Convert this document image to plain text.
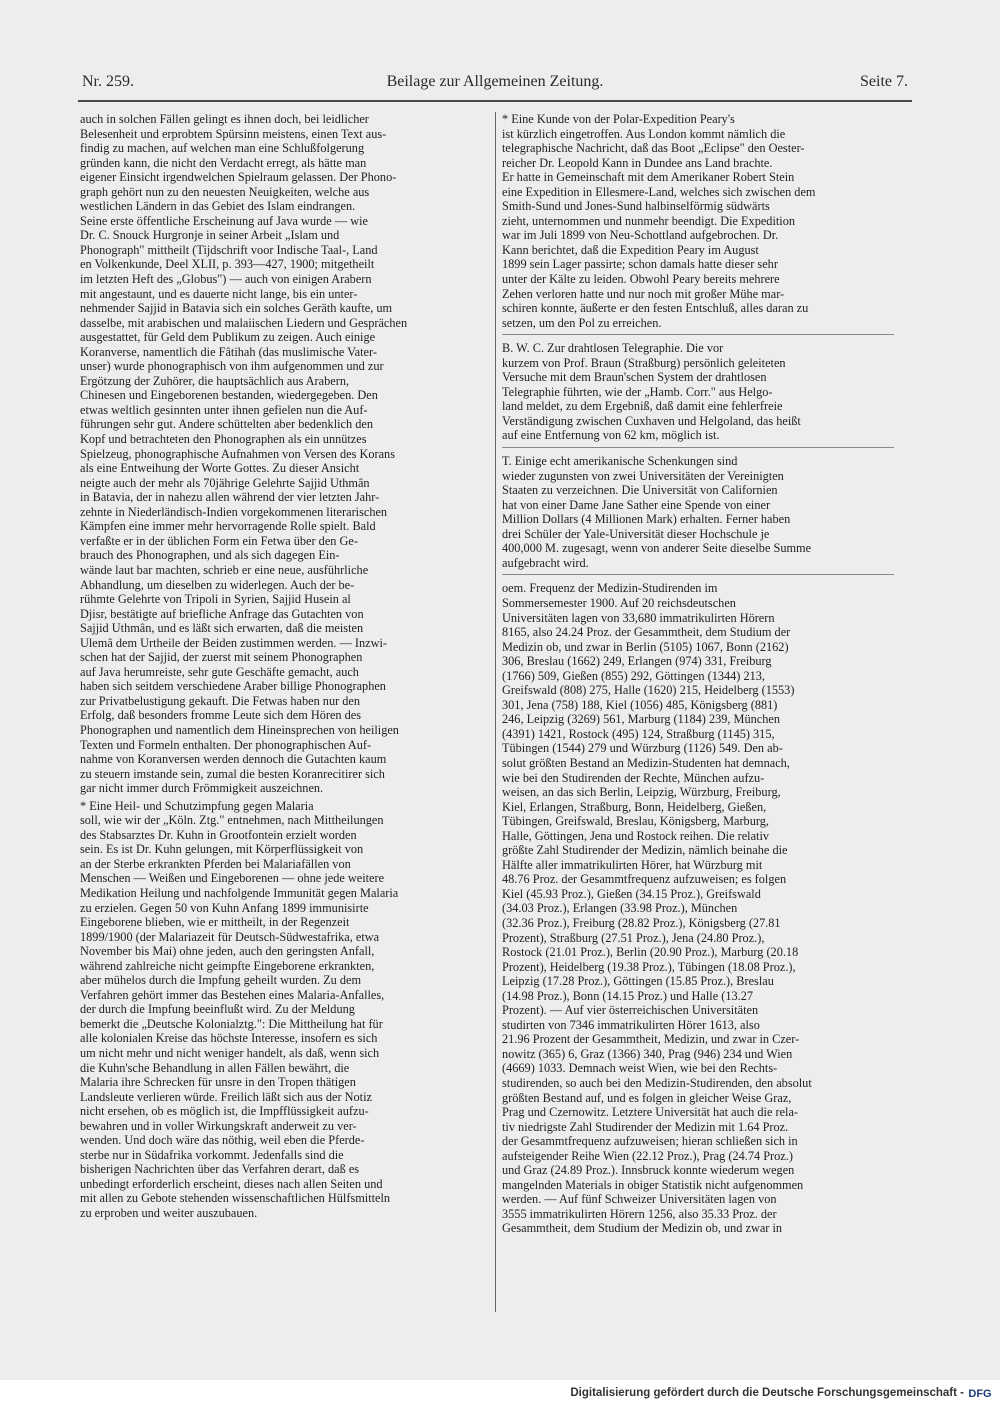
Nr. 259.	Beilage zur Allgemeinen Zeitung.	Seite 7.
auch in solchen Fällen gelingt es ihnen doch, bei leidlicher
Belesenheit und erprobtem Spürsinn meistens, einen Text aus-
findig zu machen, auf welchen man eine Schlußfolgerung
gründen kann, die nicht den Verdacht erregt, als hätte man
eigener Einsicht irgendwelchen Spielraum gelassen. Der Phono-
graph gehört nun zu den neuesten Neuigkeiten, welche aus
westlichen Ländern in das Gebiet des Islam eindrangen.
Seine erste öffentliche Erscheinung auf Java wurde — wie
Dr. C. Snouck Hurgronje in seiner Arbeit „Islam und
Phonograph" mittheilt (Tijdschrift voor Indische Taal-, Land
en Volkenkunde, Deel XLII, p. 393—427, 1900; mitgetheilt
im letzten Heft des „Globus") — auch von einigen Arabern
mit angestaunt, und es dauerte nicht lange, bis ein unter-
nehmender Sajjid in Batavia sich ein solches Geräth kaufte, um
dasselbe, mit arabischen und malaiischen Liedern und Gesprächen
ausgestattet, für Geld dem Publikum zu zeigen. Auch einige
Koranverse, namentlich die Fâtihah (das muslimische Vater-
unser) wurde phonographisch von ihm aufgenommen und zur
Ergötzung der Zuhörer, die hauptsächlich aus Arabern,
Chinesen und Eingeborenen bestanden, wiedergegeben. Den
etwas weltlich gesinnten unter ihnen gefielen nun die Auf-
führungen sehr gut. Andere schüttelten aber bedenklich den
Kopf und betrachteten den Phonographen als ein unnützes
Spielzeug, phonographische Aufnahmen von Versen des Korans
als eine Entweihung der Worte Gottes. Zu dieser Ansicht
neigte auch der mehr als 70jährige Gelehrte Sajjid Uthmân
in Batavia, der in nahezu allen während der vier letzten Jahr-
zehnte in Niederländisch-Indien vorgekommenen literarischen
Kämpfen eine immer mehr hervorragende Rolle spielt. Bald
verfaßte er in der üblichen Form ein Fetwa über den Ge-
brauch des Phonographen, und als sich dagegen Ein-
wände laut bar machten, schrieb er eine neue, ausführliche
Abhandlung, um dieselben zu widerlegen. Auch der be-
rühmte Gelehrte von Tripoli in Syrien, Sajjid Husein al
Djisr, bestätigte auf briefliche Anfrage das Gutachten von
Sajjid Uthmân, und es läßt sich erwarten, daß die meisten
Ulemâ dem Urtheile der Beiden zustimmen werden. — Inzwi-
schen hat der Sajjid, der zuerst mit seinem Phonographen
auf Java herumreiste, sehr gute Geschäfte gemacht, auch
haben sich seitdem verschiedene Araber billige Phonographen
zur Privatbelustigung gekauft. Die Fetwas haben nur den
Erfolg, daß besonders fromme Leute sich dem Hören des
Phonographen und namentlich dem Hineinsprechen von heiligen
Texten und Formeln enthalten. Der phonographischen Auf-
nahme von Koranversen werden dennoch die Gutachten kaum
zu steuern imstande sein, zumal die besten Koranrecitirer sich
gar nicht immer durch Frömmigkeit auszeichnen.
* Eine Heil- und Schutzimpfung gegen Malaria
soll, wie wir der „Köln. Ztg." entnehmen, nach Mittheilungen
des Stabsarztes Dr. Kuhn in Grootfontein erzielt worden
sein. Es ist Dr. Kuhn gelungen, mit Körperflüssigkeit von
an der Sterbe erkrankten Pferden bei Malariafällen von
Menschen — Weißen und Eingeborenen — ohne jede weitere
Medikation Heilung und nachfolgende Immunität gegen Malaria
zu erzielen. Gegen 50 von Kuhn Anfang 1899 immunisirte
Eingeborene blieben, wie er mittheilt, in der Regenzeit
1899/1900 (der Malariazeit für Deutsch-Südwestafrika, etwa
November bis Mai) ohne jeden, auch den geringsten Anfall,
während zahlreiche nicht geimpfte Eingeborene erkrankten,
aber mühelos durch die Impfung geheilt wurden. Zu dem
Verfahren gehört immer das Bestehen eines Malaria-Anfalles,
der durch die Impfung beeinflußt wird. Zu der Meldung
bemerkt die „Deutsche Kolonialztg.": Die Mittheilung hat für
alle kolonialen Kreise das höchste Interesse, insofern es sich
um nicht mehr und nicht weniger handelt, als daß, wenn sich
die Kuhn'sche Behandlung in allen Fällen bewährt, die
Malaria ihre Schrecken für unsre in den Tropen thätigen
Landsleute verlieren würde. Freilich läßt sich aus der Notiz
nicht ersehen, ob es möglich ist, die Impfflüssigkeit aufzu-
bewahren und in voller Wirkungskraft anderweit zu ver-
wenden. Und doch wäre das nöthig, weil eben die Pferde-
sterbe nur in Südafrika vorkommt. Jedenfalls sind die
bisherigen Nachrichten über das Verfahren derart, daß es
unbedingt erforderlich erscheint, dieses nach allen Seiten und
mit allen zu Gebote stehenden wissenschaftlichen Hülfsmitteln
zu erproben und weiter auszubauen.
* Eine Kunde von der Polar-Expedition Peary's
ist kürzlich eingetroffen. Aus London kommt nämlich die
telegraphische Nachricht, daß das Boot „Eclipse" den Oester-
reicher Dr. Leopold Kann in Dundee ans Land brachte.
Er hatte in Gemeinschaft mit dem Amerikaner Robert Stein
eine Expedition in Ellesmere-Land, welches sich zwischen dem
Smith-Sund und Jones-Sund halbinselförmig südwärts
zieht, unternommen und nunmehr beendigt. Die Expedition
war im Juli 1899 von Neu-Schottland aufgebrochen. Dr.
Kann berichtet, daß die Expedition Peary im August
1899 sein Lager passirte; schon damals hatte dieser sehr
unter der Kälte zu leiden. Obwohl Peary bereits mehrere
Zehen verloren hatte und nur noch mit großer Mühe mar-
schiren konnte, äußerte er den festen Entschluß, alles daran zu
setzen, um den Pol zu erreichen.
B. W. C. Zur drahtlosen Telegraphie. Die vor
kurzem von Prof. Braun (Straßburg) persönlich geleiteten
Versuche mit dem Braun'schen System der drahtlosen
Telegraphie führten, wie der „Hamb. Corr." aus Helgo-
land meldet, zu dem Ergebniß, daß damit eine fehlerfreie
Verständigung zwischen Cuxhaven und Helgoland, das heißt
auf eine Entfernung von 62 km, möglich ist.
T. Einige echt amerikanische Schenkungen sind
wieder zugunsten von zwei Universitäten der Vereinigten
Staaten zu verzeichnen. Die Universität von Californien
hat von einer Dame Jane Sather eine Spende von einer
Million Dollars (4 Millionen Mark) erhalten. Ferner haben
drei Schüler der Yale-Universität dieser Hochschule je
400,000 M. zugesagt, wenn von anderer Seite dieselbe Summe
aufgebracht wird.
oem. Frequenz der Medizin-Studirenden im
Sommersemester 1900. Auf 20 reichsdeutschen
Universitäten lagen von 33,680 immatrikulirten Hörern
8165, also 24.24 Proz. der Gesammtheit, dem Studium der
Medizin ob, und zwar in Berlin (5105) 1067, Bonn (2162)
306, Breslau (1662) 249, Erlangen (974) 331, Freiburg
(1766) 509, Gießen (855) 292, Göttingen (1344) 213,
Greifswald (808) 275, Halle (1620) 215, Heidelberg (1553)
301, Jena (758) 188, Kiel (1056) 485, Königsberg (881)
246, Leipzig (3269) 561, Marburg (1184) 239, München
(4391) 1421, Rostock (495) 124, Straßburg (1145) 315,
Tübingen (1544) 279 und Würzburg (1126) 549. Den ab-
solut größten Bestand an Medizin-Studenten hat demnach,
wie bei den Studirenden der Rechte, München aufzu-
weisen, an das sich Berlin, Leipzig, Würzburg, Freiburg,
Kiel, Erlangen, Straßburg, Bonn, Heidelberg, Gießen,
Tübingen, Greifswald, Breslau, Königsberg, Marburg,
Halle, Göttingen, Jena und Rostock reihen. Die relativ
größte Zahl Studirender der Medizin, nämlich beinahe die
Hälfte aller immatrikulirten Hörer, hat Würzburg mit
48.76 Proz. der Gesammtfrequenz aufzuweisen; es folgen
Kiel (45.93 Proz.), Gießen (34.15 Proz.), Greifswald
(34.03 Proz.), Erlangen (33.98 Proz.), München
(32.36 Proz.), Freiburg (28.82 Proz.), Königsberg (27.81
Prozent), Straßburg (27.51 Proz.), Jena (24.80 Proz.),
Rostock (21.01 Proz.), Berlin (20.90 Proz.), Marburg (20.18
Prozent), Heidelberg (19.38 Proz.), Tübingen (18.08 Proz.),
Leipzig (17.28 Proz.), Göttingen (15.85 Proz.), Breslau
(14.98 Proz.), Bonn (14.15 Proz.) und Halle (13.27
Prozent). — Auf vier österreichischen Universitäten
studirten von 7346 immatrikulirten Hörer 1613, also
21.96 Prozent der Gesammtheit, Medizin, und zwar in Czer-
nowitz (365) 6, Graz (1366) 340, Prag (946) 234 und Wien
(4669) 1033. Demnach weist Wien, wie bei den Rechts-
studirenden, so auch bei den Medizin-Studirenden, den absolut
größten Bestand auf, und es folgen in gleicher Weise Graz,
Prag und Czernowitz. Letztere Universität hat auch die rela-
tiv niedrigste Zahl Studirender der Medizin mit 1.64 Proz.
der Gesammtfrequenz aufzuweisen; hieran schließen sich in
aufsteigender Reihe Wien (22.12 Proz.), Prag (24.74 Proz.)
und Graz (24.89 Proz.). Innsbruck konnte wiederum wegen
mangelnden Materials in obiger Statistik nicht aufgenommen
werden. — Auf fünf Schweizer Universitäten lagen von
3555 immatrikulirten Hörern 1256, also 35.33 Proz. der
Gesammtheit, dem Studium der Medizin ob, und zwar in
Digitalisierung gefördert durch die Deutsche Forschungsgemeinschaft - DFG
